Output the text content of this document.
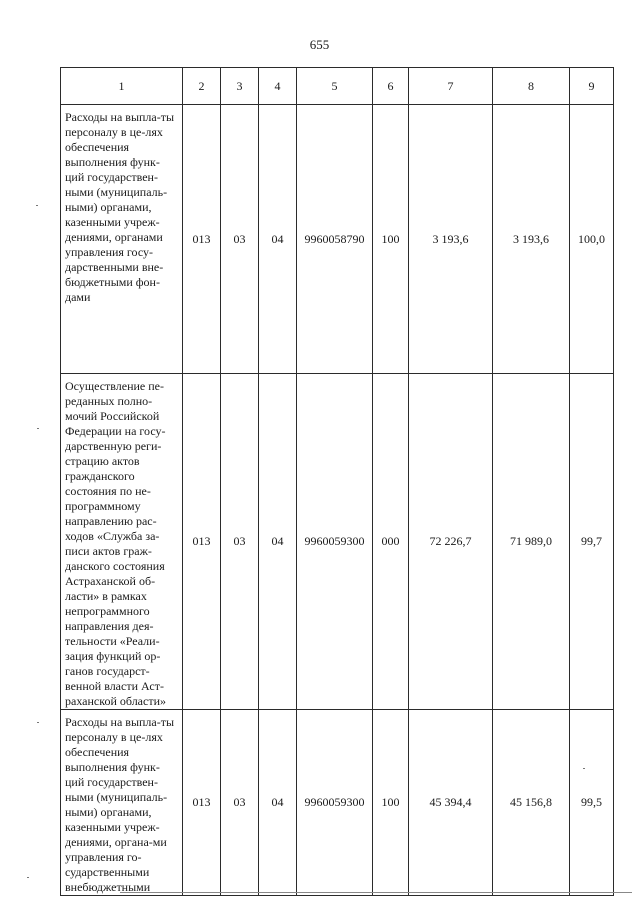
655
1	2	3	4	5	6	7	8	9

Расходы на выпла-ты персоналу в це-лях обеспечения выполнения функ-ций государствен-ными (муниципаль-ными) органами, казенными учреж-дениями, органами управления госу-дарственными вне-бюджетными фон-дами	013	03	04	9960058790	100	3 193,6	3 193,6	100,0

Осуществление пе-реданных полно-мочий Российской Федерации на госу-дарственную реги-страцию актов гражданского состояния по не-программному направлению рас-ходов «Служба за-писи актов граж-данского состояния Астраханской об-ласти» в рамках непрограммного направления дея-тельности «Реали-зация функций ор-ганов государст-венной власти Аст-раханской области»	013	03	04	9960059300	000	72 226,7	71 989,0	99,7

Расходы на выпла-ты персоналу в це-лях обеспечения выполнения функ-ций государствен-ными (муниципаль-ными) органами, казенными учреж-дениями, органа-ми управления го-сударственными внебюджетными	013	03	04	9960059300	100	45 394,4	45 156,8	99,5
